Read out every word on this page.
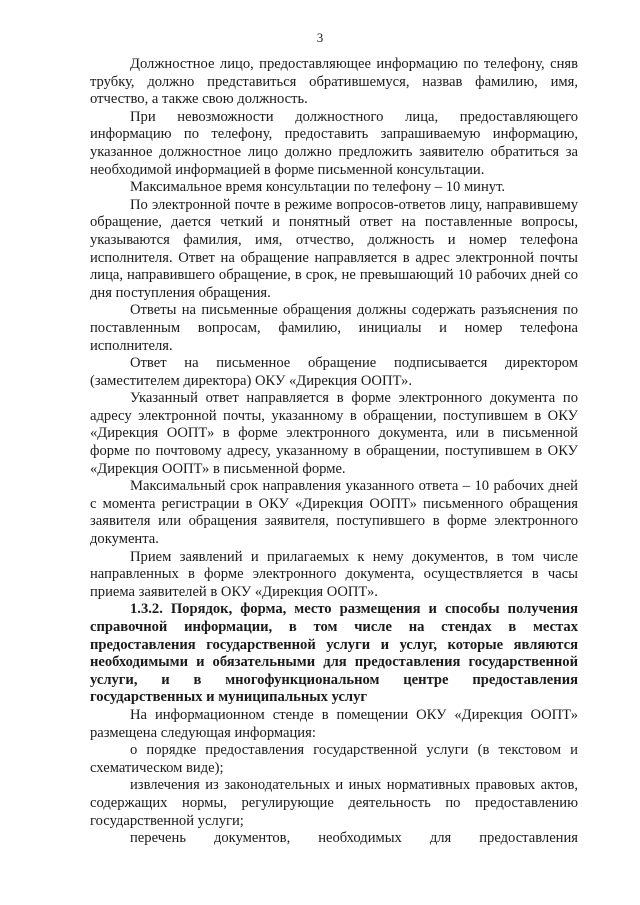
3

Должностное лицо, предоставляющее информацию по телефону, сняв трубку, должно представиться обратившемуся, назвав фамилию, имя, отчество, а также свою должность.

При невозможности должностного лица, предоставляющего информацию по телефону, предоставить запрашиваемую информацию, указанное должностное лицо должно предложить заявителю обратиться за необходимой информацией в форме письменной консультации.

Максимальное время консультации по телефону – 10 минут.

По электронной почте в режиме вопросов-ответов лицу, направившему обращение, дается четкий и понятный ответ на поставленные вопросы, указываются фамилия, имя, отчество, должность и номер телефона исполнителя. Ответ на обращение направляется в адрес электронной почты лица, направившего обращение, в срок, не превышающий 10 рабочих дней со дня поступления обращения.

Ответы на письменные обращения должны содержать разъяснения по поставленным вопросам, фамилию, инициалы и номер телефона исполнителя.

Ответ на письменное обращение подписывается директором (заместителем директора) ОКУ «Дирекция ООПТ».

Указанный ответ направляется в форме электронного документа по адресу электронной почты, указанному в обращении, поступившем в ОКУ «Дирекция ООПТ» в форме электронного документа, или в письменной форме по почтовому адресу, указанному в обращении, поступившем в ОКУ «Дирекция ООПТ» в письменной форме.

Максимальный срок направления указанного ответа – 10 рабочих дней с момента регистрации в ОКУ «Дирекция ООПТ» письменного обращения заявителя или обращения заявителя, поступившего в форме электронного документа.

Прием заявлений и прилагаемых к нему документов, в том числе направленных в форме электронного документа, осуществляется в часы приема заявителей в ОКУ «Дирекция ООПТ».

1.3.2. Порядок, форма, место размещения и способы получения справочной информации, в том числе на стендах в местах предоставления государственной услуги и услуг, которые являются необходимыми и обязательными для предоставления государственной услуги, и в многофункциональном центре предоставления государственных и муниципальных услуг

На информационном стенде в помещении ОКУ «Дирекция ООПТ» размещена следующая информация:

о порядке предоставления государственной услуги (в текстовом и схематическом виде);

извлечения из законодательных и иных нормативных правовых актов, содержащих нормы, регулирующие деятельность по предоставлению государственной услуги;

перечень документов, необходимых для предоставления
